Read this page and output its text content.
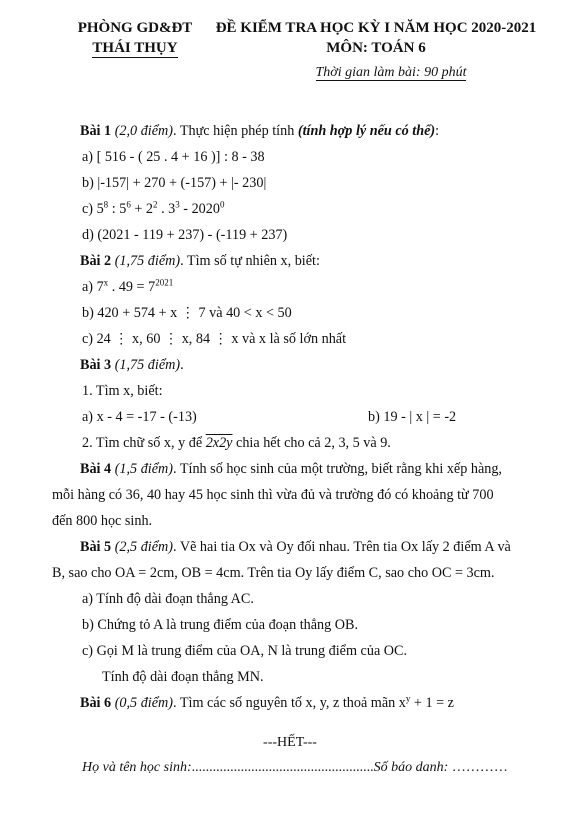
PHÒNG GD&ĐT
THÁI THỤY
ĐỀ KIỂM TRA HỌC KỲ I NĂM HỌC 2020-2021
MÔN: TOÁN 6
Thời gian làm bài: 90 phút
Bài 1 (2,0 điểm). Thực hiện phép tính (tính hợp lý nếu có thể):
a) [ 516 - ( 25 . 4 + 16 )] : 8 - 38
b) |-157| + 270 + (-157) + |- 230|
c) $5^8$ : $5^6 + 2^2$ . $3^3 - 2020^0$
d) (2021 - 119 + 237) - (-119 + 237)
Bài 2 (1,75 điểm). Tìm số tự nhiên x, biết:
a) 7$^x$ . $49 = 7^{2021}$
b) 420 + 574 + x ⋮ 7 và 40 < x < 50
c) 24 ⋮ x, 60 ⋮ x, 84 ⋮ x và x là số lớn nhất
Bài 3 (1,75 điểm).
1. Tìm x, biết:
a) x - 4 = -17 - (-13)	b) 19 - | x | = -2
2. Tìm chữ số x, y để 2x2y chia hết cho cả 2, 3, 5 và 9.
Bài 4 (1,5 điểm). Tính số học sinh của một trường, biết rằng khi xếp hàng,
mỗi hàng có 36, 40 hay 45 học sinh thì vừa đủ và trường đó có khoảng từ 700
đến 800 học sinh.
Bài 5 (2,5 điểm). Vẽ hai tia Ox và Oy đối nhau. Trên tia Ox lấy 2 điểm A và
B, sao cho OA = 2cm, OB = 4cm. Trên tia Oy lấy điểm C, sao cho OC = 3cm.
a) Tính độ dài đoạn thẳng AC.
b) Chứng tỏ A là trung điểm của đoạn thẳng OB.
c) Gọi M là trung điểm của OA, N là trung điểm của OC.
Tính độ dài đoạn thẳng MN.
Bài 6 (0,5 điểm). Tìm các số nguyên tố x, y, z thoả mãn $x^y + 1 = z$
---HẾT---
Họ và tên học sinh:....................................................Số báo danh: …………
